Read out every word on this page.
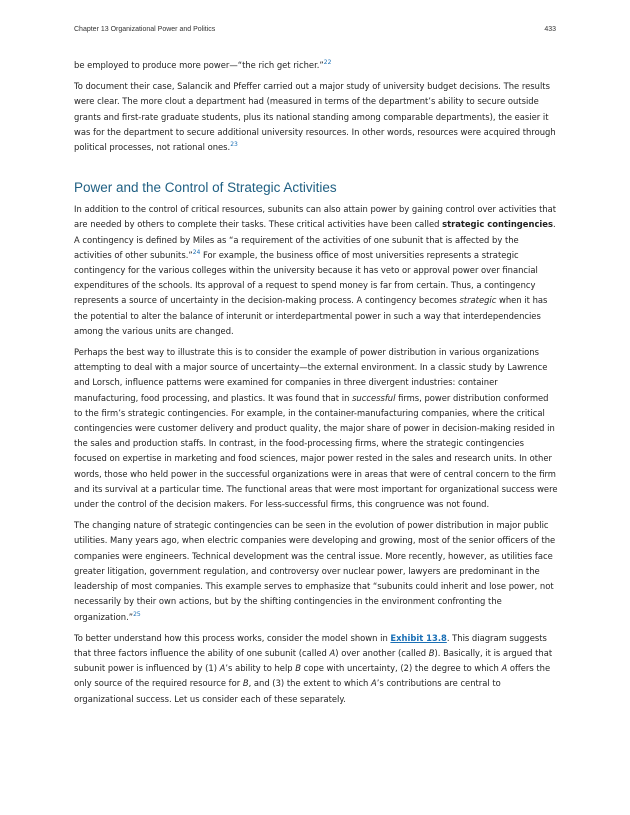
Chapter 13 Organizational Power and Politics	433

be employed to produce more power—“the rich get richer.”$^{22}$

To document their case, Salancik and Pfeffer carried out a major study of university budget decisions. The results were clear. The more clout a department had (measured in terms of the department’s ability to secure outside grants and first-rate graduate students, plus its national standing among comparable departments), the easier it was for the department to secure additional university resources. In other words, resources were acquired through political processes, not rational ones.$^{23}$

Power and the Control of Strategic Activities

In addition to the control of critical resources, subunits can also attain power by gaining control over activities that are needed by others to complete their tasks. These critical activities have been called strategic contingencies. A contingency is defined by Miles as “a requirement of the activities of one subunit that is affected by the activities of other subunits.”$^{24}$ For example, the business office of most universities represents a strategic contingency for the various colleges within the university because it has veto or approval power over financial expenditures of the schools. Its approval of a request to spend money is far from certain. Thus, a contingency represents a source of uncertainty in the decision-making process. A contingency becomes strategic when it has the potential to alter the balance of interunit or interdepartmental power in such a way that interdependencies among the various units are changed.

Perhaps the best way to illustrate this is to consider the example of power distribution in various organizations attempting to deal with a major source of uncertainty—the external environment. In a classic study by Lawrence and Lorsch, influence patterns were examined for companies in three divergent industries: container manufacturing, food processing, and plastics. It was found that in successful firms, power distribution conformed to the firm’s strategic contingencies. For example, in the container-manufacturing companies, where the critical contingencies were customer delivery and product quality, the major share of power in decision-making resided in the sales and production staffs. In contrast, in the food-processing firms, where the strategic contingencies focused on expertise in marketing and food sciences, major power rested in the sales and research units. In other words, those who held power in the successful organizations were in areas that were of central concern to the firm and its survival at a particular time. The functional areas that were most important for organizational success were under the control of the decision makers. For less-successful firms, this congruence was not found.

The changing nature of strategic contingencies can be seen in the evolution of power distribution in major public utilities. Many years ago, when electric companies were developing and growing, most of the senior officers of the companies were engineers. Technical development was the central issue. More recently, however, as utilities face greater litigation, government regulation, and controversy over nuclear power, lawyers are predominant in the leadership of most companies. This example serves to emphasize that “subunits could inherit and lose power, not necessarily by their own actions, but by the shifting contingencies in the environment confronting the organization.”$^{25}$

To better understand how this process works, consider the model shown in Exhibit 13.8. This diagram suggests that three factors influence the ability of one subunit (called A) over another (called B). Basically, it is argued that subunit power is influenced by (1) A’s ability to help B cope with uncertainty, (2) the degree to which A offers the only source of the required resource for B, and (3) the extent to which A’s contributions are central to organizational success. Let us consider each of these separately.
